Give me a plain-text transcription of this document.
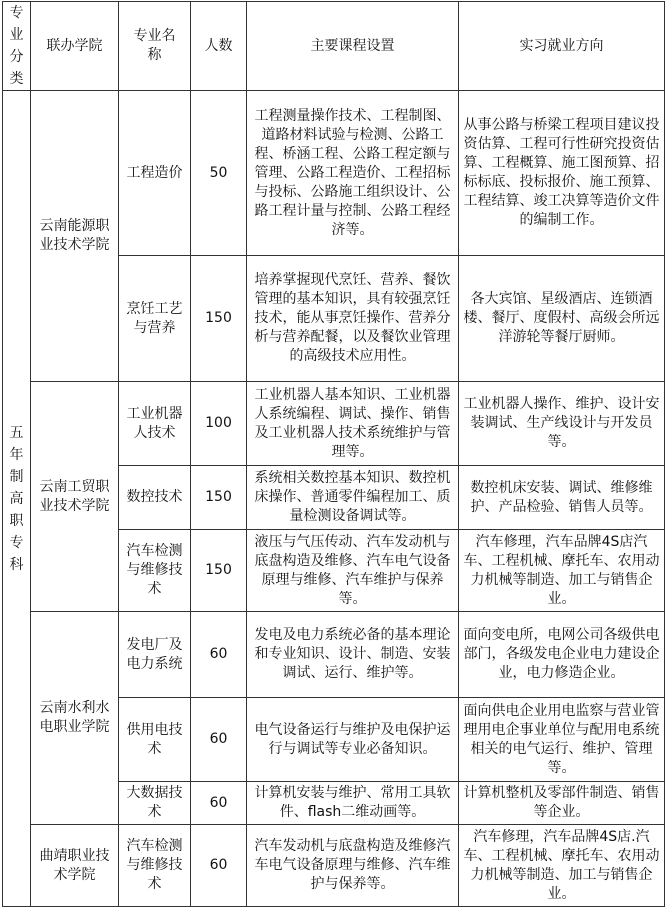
专业分类	联办学院	专业名称	人数	主要课程设置	实习就业方向

五年制高职专科	云南能源职业技术学院	工程造价	50	工程测量操作技术、工程制图、道路材料试验与检测、公路工程、桥涵工程、公路工程定额与管理、公路工程造价、工程招标与投标、公路施工组织设计、公路工程计量与控制、公路工程经济等。	从事公路与桥梁工程项目建议投资估算、工程可行性研究投资估算、工程概算、施工图预算、招标标底、投标报价、施工预算、工程结算、竣工决算等造价文件的编制工作。
		烹饪工艺与营养	150	培养掌握现代烹饪、营养、餐饮管理的基本知识，具有较强烹饪技术，能从事烹饪操作、营养分析与营养配餐，以及餐饮业管理的高级技术应用性。	各大宾馆、星级酒店、连锁酒楼、餐厅、度假村、高级会所远洋游轮等餐厅厨师。
	云南工贸职业技术学院	工业机器人技术	100	工业机器人基本知识、工业机器人系统编程、调试、操作、销售及工业机器人技术系统维护与管理等。	工业机器人操作、维护、设计安装调试、生产线设计与开发员等。
		数控技术	150	系统相关数控基本知识、数控机床操作、普通零件编程加工、质量检测设备调试等。	数控机床安装、调试、维修维护、产品检验、销售人员等。
		汽车检测与维修技术	150	液压与气压传动、汽车发动机与底盘构造及维修、汽车电气设备原理与维修、汽车维护与保养等。	汽车修理，汽车品牌4S店汽车、工程机械、摩托车、农用动力机械等制造、加工与销售企业。
	云南水利水电职业学院	发电厂及电力系统	60	发电及电力系统必备的基本理论和专业知识、设计、制造、安装调试、运行、维护等。	面向变电所，电网公司各级供电部门，各级发电企业电力建设企业，电力修造企业。
		供用电技术	60	电气设备运行与维护及电保护运行与调试等专业必备知识。	面向供电企业用电监察与营业管理用电企事业单位与配用电系统相关的电气运行、维护、管理等。
		大数据技术	60	计算机安装与维护、常用工具软件、flash二维动画等。	计算机整机及零部件制造、销售等企业。
	曲靖职业技术学院	汽车检测与维修技术	60	汽车发动机与底盘构造及维修汽车电气设备原理与维修、汽车维护与保养等。	汽车修理，汽车品牌4S店.汽车、工程机械、摩托车、农用动力机械等制造、加工与销售企业。
